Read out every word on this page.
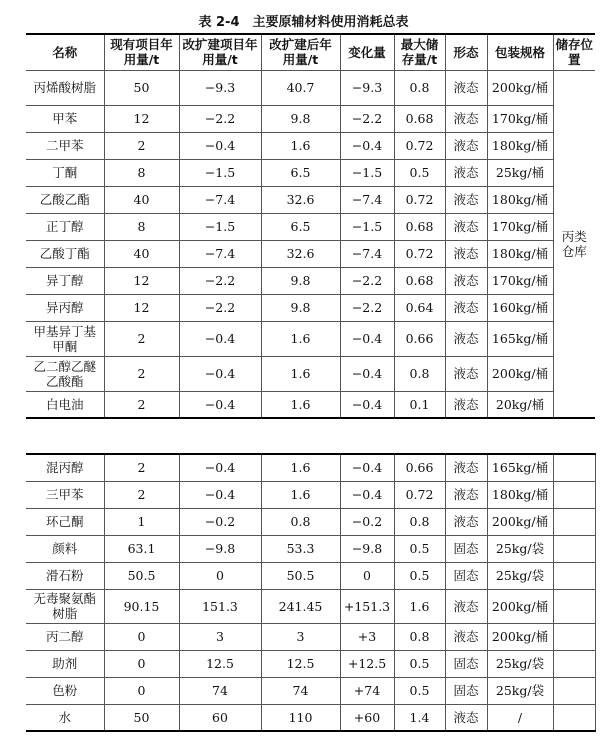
表 2-4　主要原辅材料使用消耗总表
名称	现有项目年用量/t	改扩建项目年用量/t	改扩建后年用量/t	变化量	最大储存量/t	形态	包装规格	储存位置
丙烯酸树脂	50	−9.3	40.7	−9.3	0.8	液态	200kg/桶	丙类仓库
甲苯	12	−2.2	9.8	−2.2	0.68	液态	170kg/桶	
二甲苯	2	−0.4	1.6	−0.4	0.72	液态	180kg/桶	
丁酮	8	−1.5	6.5	−1.5	0.5	液态	25kg/桶	
乙酸乙酯	40	−7.4	32.6	−7.4	0.72	液态	180kg/桶	
正丁醇	8	−1.5	6.5	−1.5	0.68	液态	170kg/桶	
乙酸丁酯	40	−7.4	32.6	−7.4	0.72	液态	180kg/桶	
异丁醇	12	−2.2	9.8	−2.2	0.68	液态	170kg/桶	
异丙醇	12	−2.2	9.8	−2.2	0.64	液态	160kg/桶	
甲基异丁基甲酮	2	−0.4	1.6	−0.4	0.66	液态	165kg/桶	
乙二醇乙醚乙酸酯	2	−0.4	1.6	−0.4	0.8	液态	200kg/桶	
白电油	2	−0.4	1.6	−0.4	0.1	液态	20kg/桶	
混丙醇	2	−0.4	1.6	−0.4	0.66	液态	165kg/桶	
三甲苯	2	−0.4	1.6	−0.4	0.72	液态	180kg/桶	
环己酮	1	−0.2	0.8	−0.2	0.8	液态	200kg/桶	
颜料	63.1	−9.8	53.3	−9.8	0.5	固态	25kg/袋	
滑石粉	50.5	0	50.5	0	0.5	固态	25kg/袋	
无毒聚氨酯树脂	90.15	151.3	241.45	+151.3	1.6	液态	200kg/桶	
丙二醇	0	3	3	+3	0.8	液态	200kg/桶	
助剂	0	12.5	12.5	+12.5	0.5	固态	25kg/袋	
色粉	0	74	74	+74	0.5	固态	25kg/袋	
水	50	60	110	+60	1.4	液态	/	
